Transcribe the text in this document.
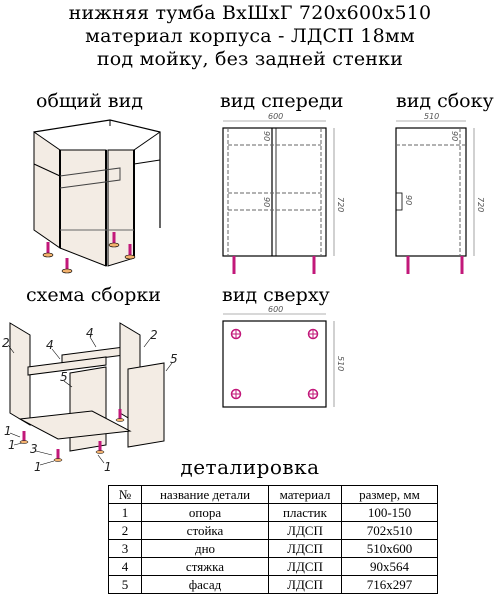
нижняя тумба ВхШхГ 720х600х510
материал корпуса - ЛДСП 18мм
под мойку, без задней стенки
общий вид	вид спереди	вид сбоку
схема сборки	вид сверху
600
720
90
90
510
720
90
90
600
510
2	4
2
4
5
5
1
1 3
1	1	деталировка
№	название детали	материал	размер, мм
1	опора	пластик	100-150
2	стойка	ЛДСП	702х510
3	дно	ЛДСП	510х600
4	стяжка	ЛДСП	90х564
5	фасад	ЛДСП	716х297
